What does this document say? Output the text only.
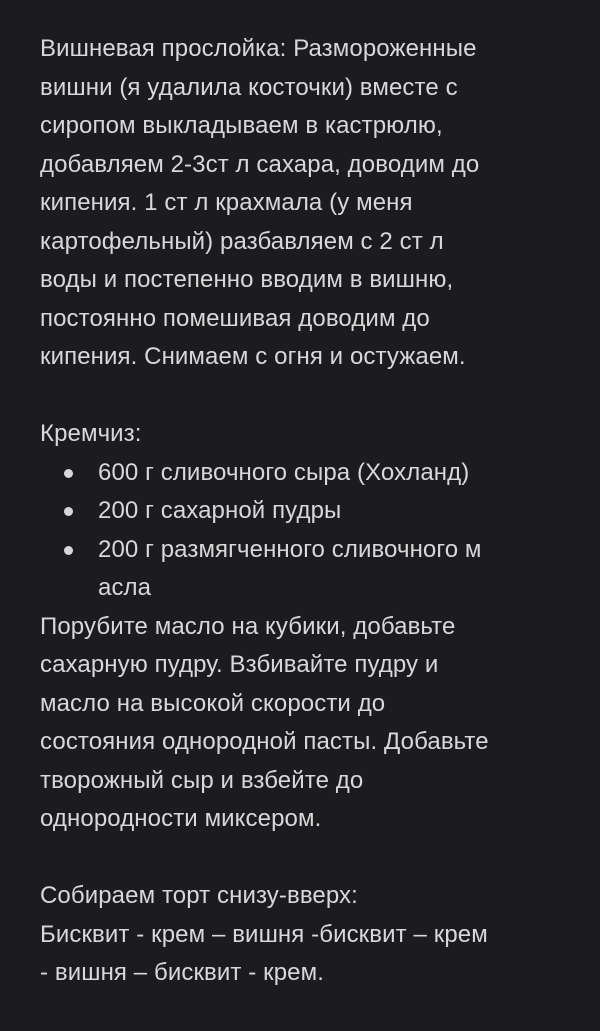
Вишневая прослойка: Размороженные
вишни (я удалила косточки) вместе с
сиропом выкладываем в кастрюлю,
добавляем 2-3ст л сахара, доводим до
кипения. 1 ст л крахмала (у меня
картофельный) разбавляем с 2 ст л
воды и постепенно вводим в вишню,
постоянно помешивая доводим до
кипения. Снимаем с огня и остужаем.
Кремчиз:
600 г сливочного сыра (Хохланд)
200 г сахарной пудры
200 г размягченного сливочного м
асла
Порубите масло на кубики, добавьте
сахарную пудру. Взбивайте пудру и
масло на высокой скорости до
состояния однородной пасты. Добавьте
творожный сыр и взбейте до
однородности миксером.
Собираем торт снизу-вверх:
Бисквит - крем – вишня -бисквит – крем
- вишня – бисквит - крем.
